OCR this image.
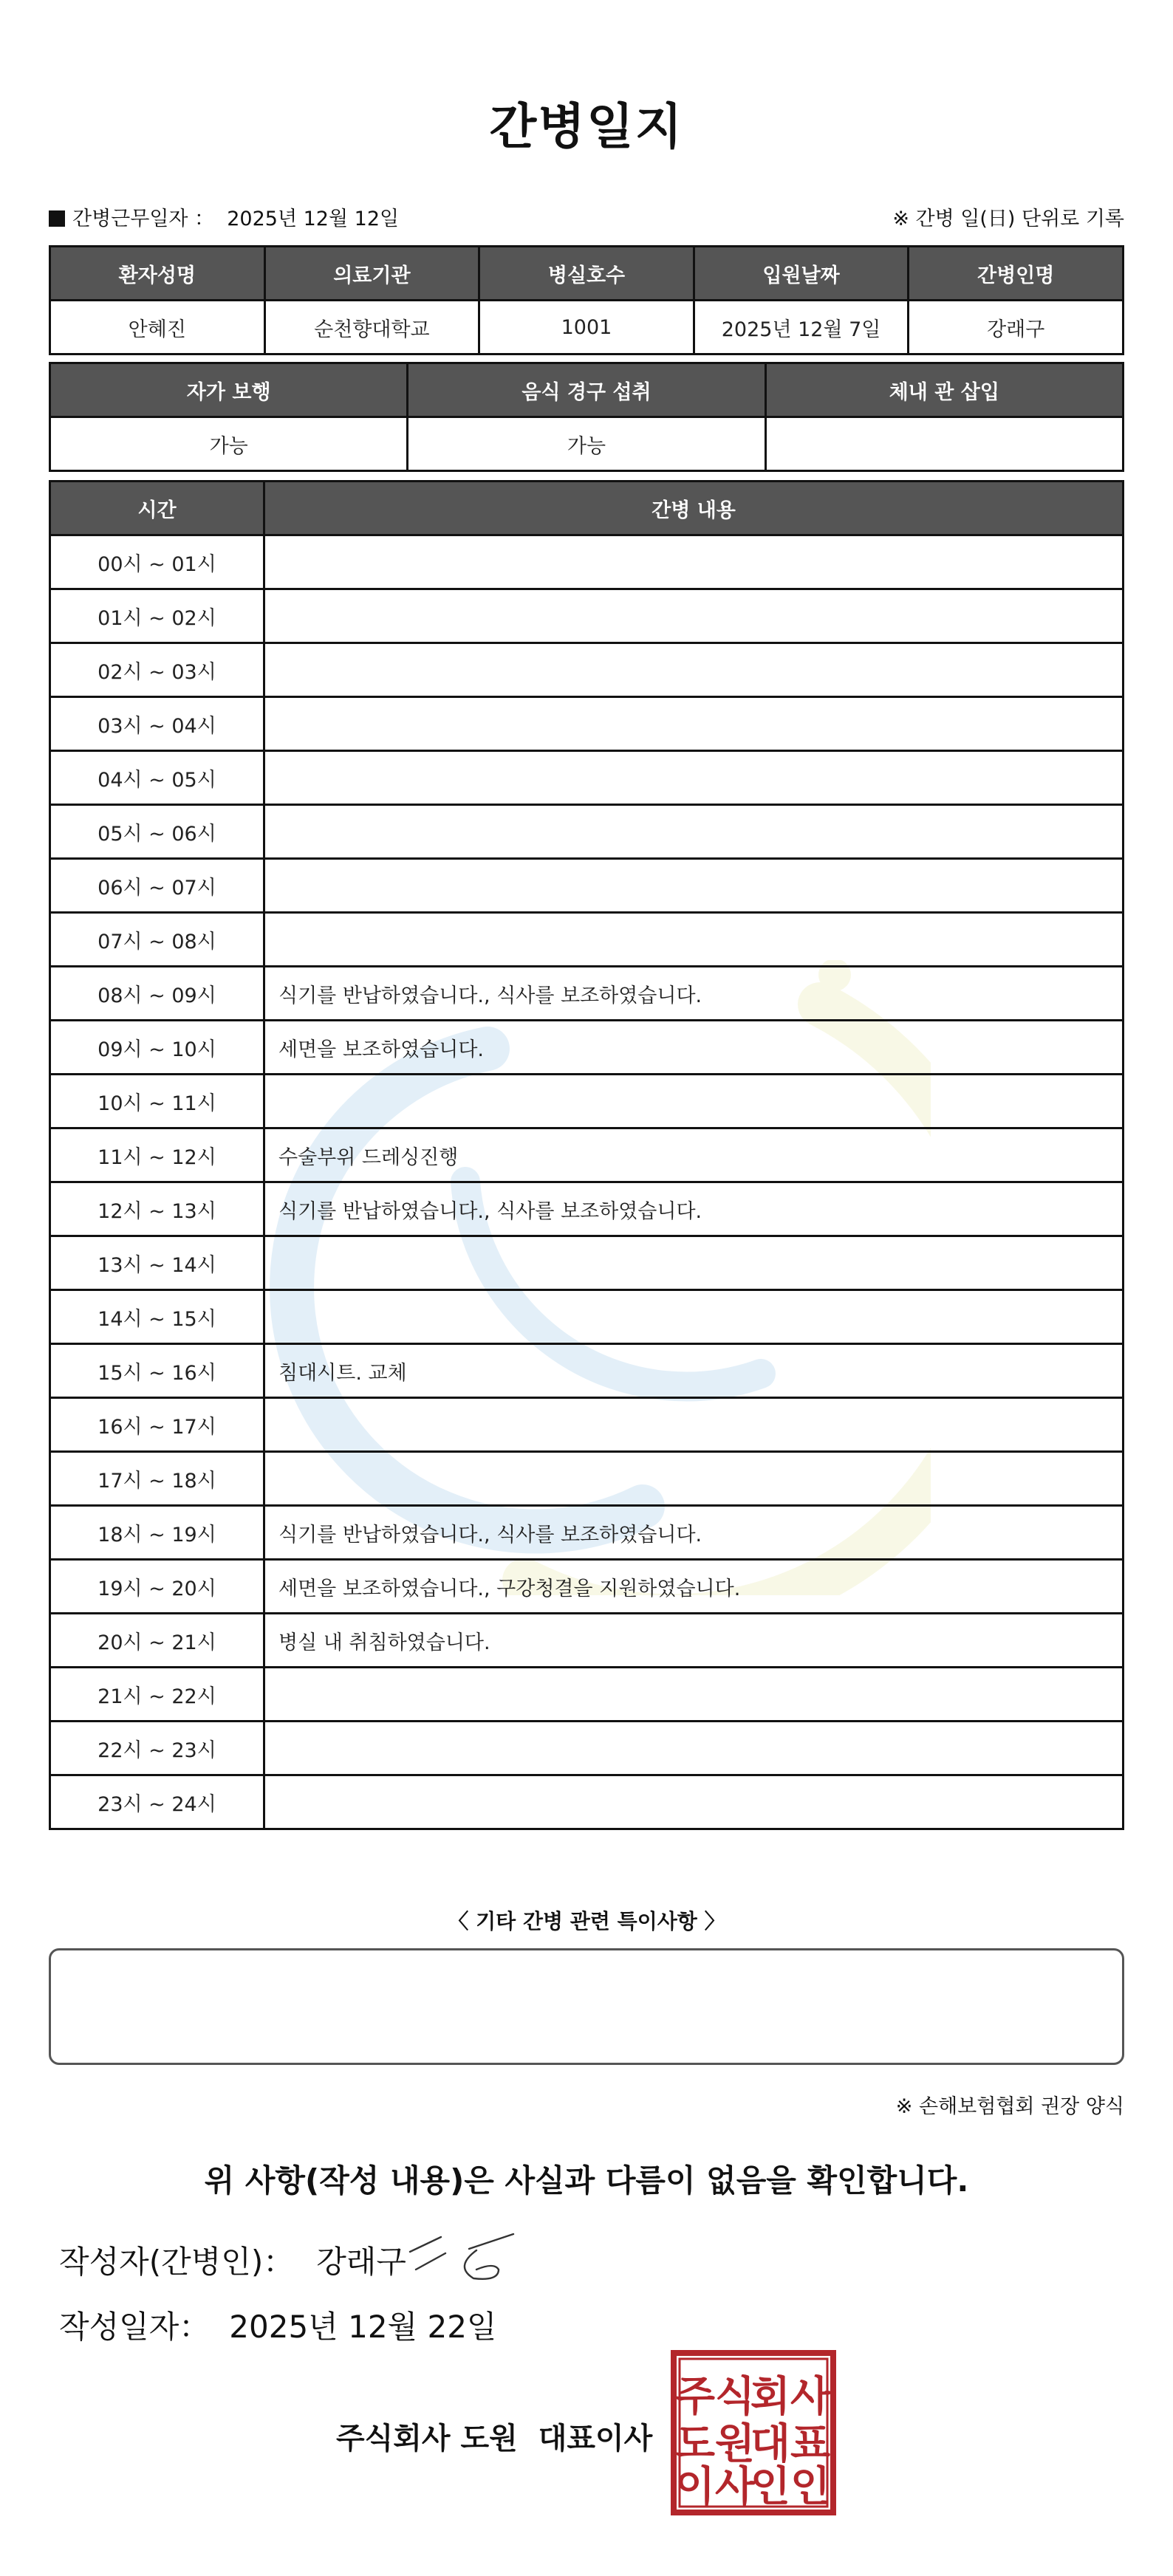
간병일지
간병근무일자 ： 2025년 12월 12일	※ 간병 일(日) 단위로 기록
환자성명	의료기관	병실호수	입원날짜	간병인명
안혜진	순천향대학교	1001	2025년 12월 7일	강래구
자가 보행	음식 경구 섭취	체내 관 삽입
가능	가능	
시간	간병 내용
00시 ~ 01시	
01시 ~ 02시	
02시 ~ 03시	
03시 ~ 04시	
04시 ~ 05시	
05시 ~ 06시	
06시 ~ 07시	
07시 ~ 08시	
08시 ~ 09시	식기를 반납하였습니다., 식사를 보조하였습니다.
09시 ~ 10시	세면을 보조하였습니다.
10시 ~ 11시	
11시 ~ 12시	수술부위 드레싱진행
12시 ~ 13시	식기를 반납하였습니다., 식사를 보조하였습니다.
13시 ~ 14시	
14시 ~ 15시	
15시 ~ 16시	침대시트. 교체
16시 ~ 17시	
17시 ~ 18시	
18시 ~ 19시	식기를 반납하였습니다., 식사를 보조하였습니다.
19시 ~ 20시	세면을 보조하였습니다., 구강청결을 지원하였습니다.
20시 ~ 21시	병실 내 취침하였습니다.
21시 ~ 22시	
22시 ~ 23시	
23시 ~ 24시	
〈 기타 간병 관련 특이사항 〉
※ 손해보험협회 권장 양식
위 사항(작성 내용)은 사실과 다름이 없음을 확인합니다.
작성자(간병인)： 강래구
작성일자： 2025년 12월 22일
주식회사 도원 대표이사
주식
회사
도원
대표
이사
인인
